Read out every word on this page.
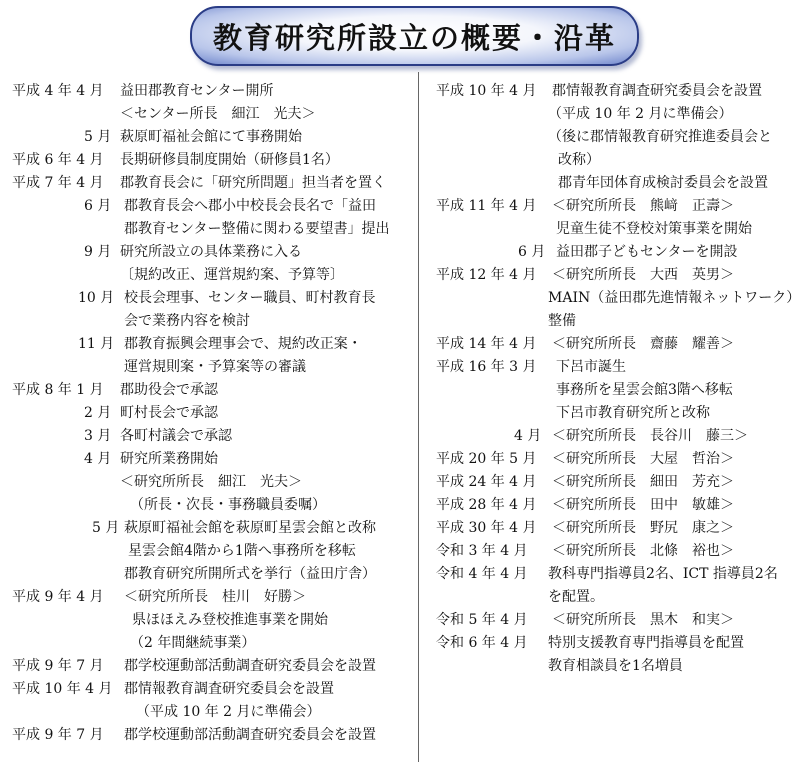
教育研究所設立の概要・沿革
平成 4 年 4 月 益田郡教育センター開所
＜センター所長　細江　光夫＞
5 月 萩原町福祉会館にて事務開始
平成 6 年 4 月 長期研修員制度開始（研修員1名）
平成 7 年 4 月 郡教育長会に「研究所問題」担当者を置く
6 月 郡教育長会へ郡小中校長会長名で「益田
郡教育センター整備に関わる要望書」提出
9 月 研究所設立の具体業務に入る
〔規約改正、運営規約案、予算等〕
10 月 校長会理事、センター職員、町村教育長
会で業務内容を検討
11 月 郡教育振興会理事会で、規約改正案・
運営規則案・予算案等の審議
平成 8 年 1 月 郡助役会で承認
2 月 町村長会で承認
3 月 各町村議会で承認
4 月 研究所業務開始
＜研究所所長　細江　光夫＞
（所長・次長・事務職員委嘱）
5 月 萩原町福祉会館を萩原町星雲会館と改称
星雲会館4階から1階へ事務所を移転
郡教育研究所開所式を挙行（益田庁舎）
平成 9 年 4 月 ＜研究所所長　桂川　好勝＞
県ほほえみ登校推進事業を開始
（2 年間継続事業）
平成 9 年 7 月 郡学校運動部活動調査研究委員会を設置
平成 10 年 4 月 郡情報教育調査研究委員会を設置
（平成 10 年 2 月に準備会）
平成 9 年 7 月 郡学校運動部活動調査研究委員会を設置
平成 10 年 4 月 郡情報教育調査研究委員会を設置
（平成 10 年 2 月に準備会）
（後に郡情報教育研究推進委員会と
改称）
郡青年団体育成検討委員会を設置
平成 11 年 4 月 ＜研究所所長　熊﨑　正壽＞
児童生徒不登校対策事業を開始
6 月 益田郡子どもセンターを開設
平成 12 年 4 月 ＜研究所所長　大西　英男＞
MAIN（益田郡先進情報ネットワーク）
整備
平成 14 年 4 月 ＜研究所所長　齋藤　耀善＞
平成 16 年 3 月 下呂市誕生
事務所を星雲会館3階へ移転
下呂市教育研究所と改称
4 月 ＜研究所所長　長谷川　藤三＞
平成 20 年 5 月 ＜研究所所長　大屋　哲治＞
平成 24 年 4 月 ＜研究所所長　細田　芳充＞
平成 28 年 4 月 ＜研究所所長　田中　敏雄＞
平成 30 年 4 月 ＜研究所所長　野尻　康之＞
令和 3 年 4 月 ＜研究所所長　北條　裕也＞
令和 4 年 4 月 教科専門指導員2名、ICT 指導員2名
を配置。
令和 5 年 4 月 ＜研究所所長　黒木　和実＞
令和 6 年 4 月 特別支援教育専門指導員を配置
教育相談員を1名増員
